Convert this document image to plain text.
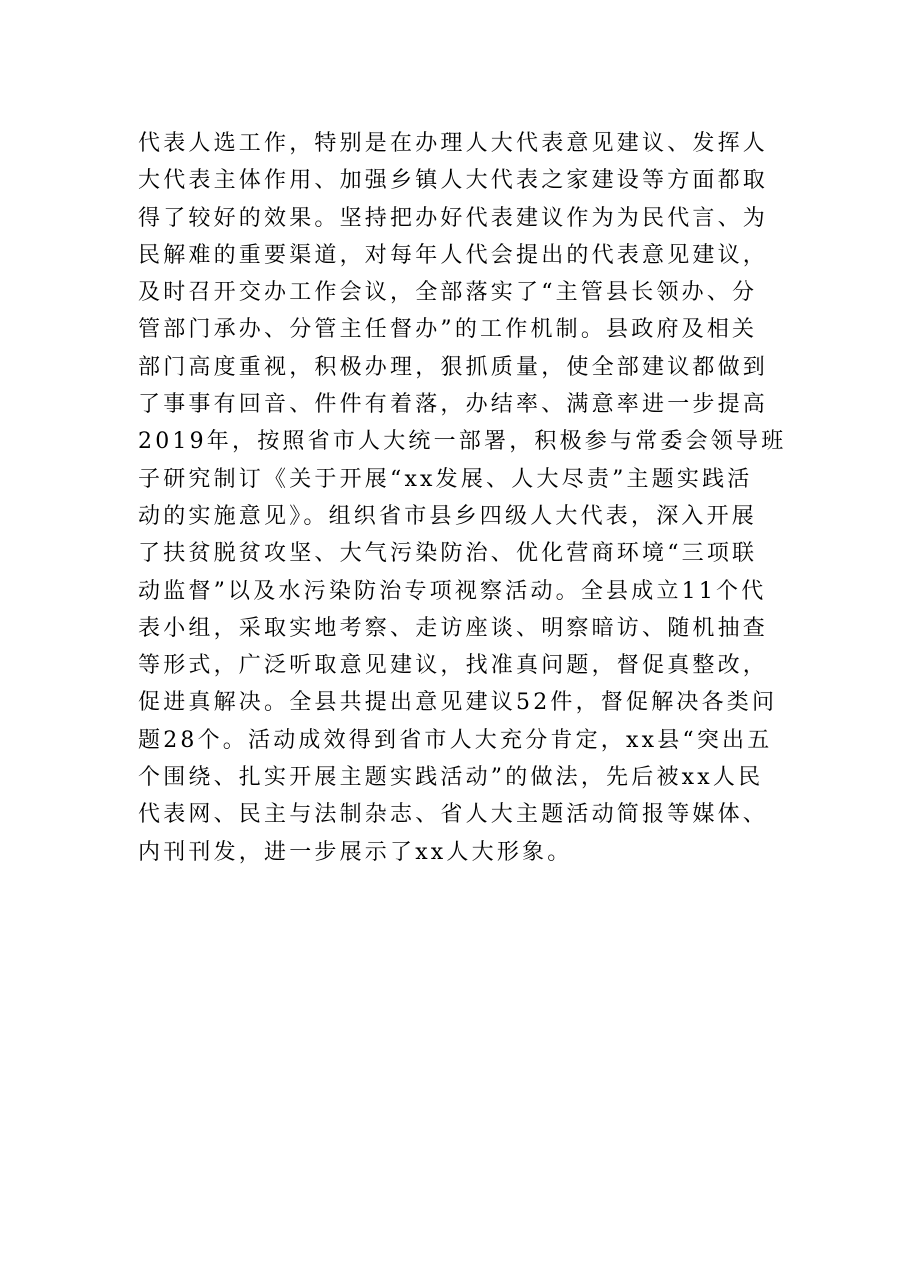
代表人选工作，特别是在办理人大代表意见建议、发挥人
大代表主体作用、加强乡镇人大代表之家建设等方面都取
得了较好的效果。坚持把办好代表建议作为为民代言、为
民解难的重要渠道，对每年人代会提出的代表意见建议，
及时召开交办工作会议，全部落实了“主管县长领办、分
管部门承办、分管主任督办”的工作机制。县政府及相关
部门高度重视，积极办理，狠抓质量，使全部建议都做到
了事事有回音、件件有着落，办结率、满意率进一步提高
2019年，按照省市人大统一部署，积极参与常委会领导班
子研究制订《关于开展“xx发展、人大尽责”主题实践活
动的实施意见》。组织省市县乡四级人大代表，深入开展
了扶贫脱贫攻坚、大气污染防治、优化营商环境“三项联
动监督”以及水污染防治专项视察活动。全县成立11个代
表小组，采取实地考察、走访座谈、明察暗访、随机抽查
等形式，广泛听取意见建议，找准真问题，督促真整改，
促进真解决。全县共提出意见建议52件，督促解决各类问
题28个。活动成效得到省市人大充分肯定，xx县“突出五
个围绕、扎实开展主题实践活动”的做法，先后被xx人民
代表网、民主与法制杂志、省人大主题活动简报等媒体、
内刊刊发，进一步展示了xx人大形象。
